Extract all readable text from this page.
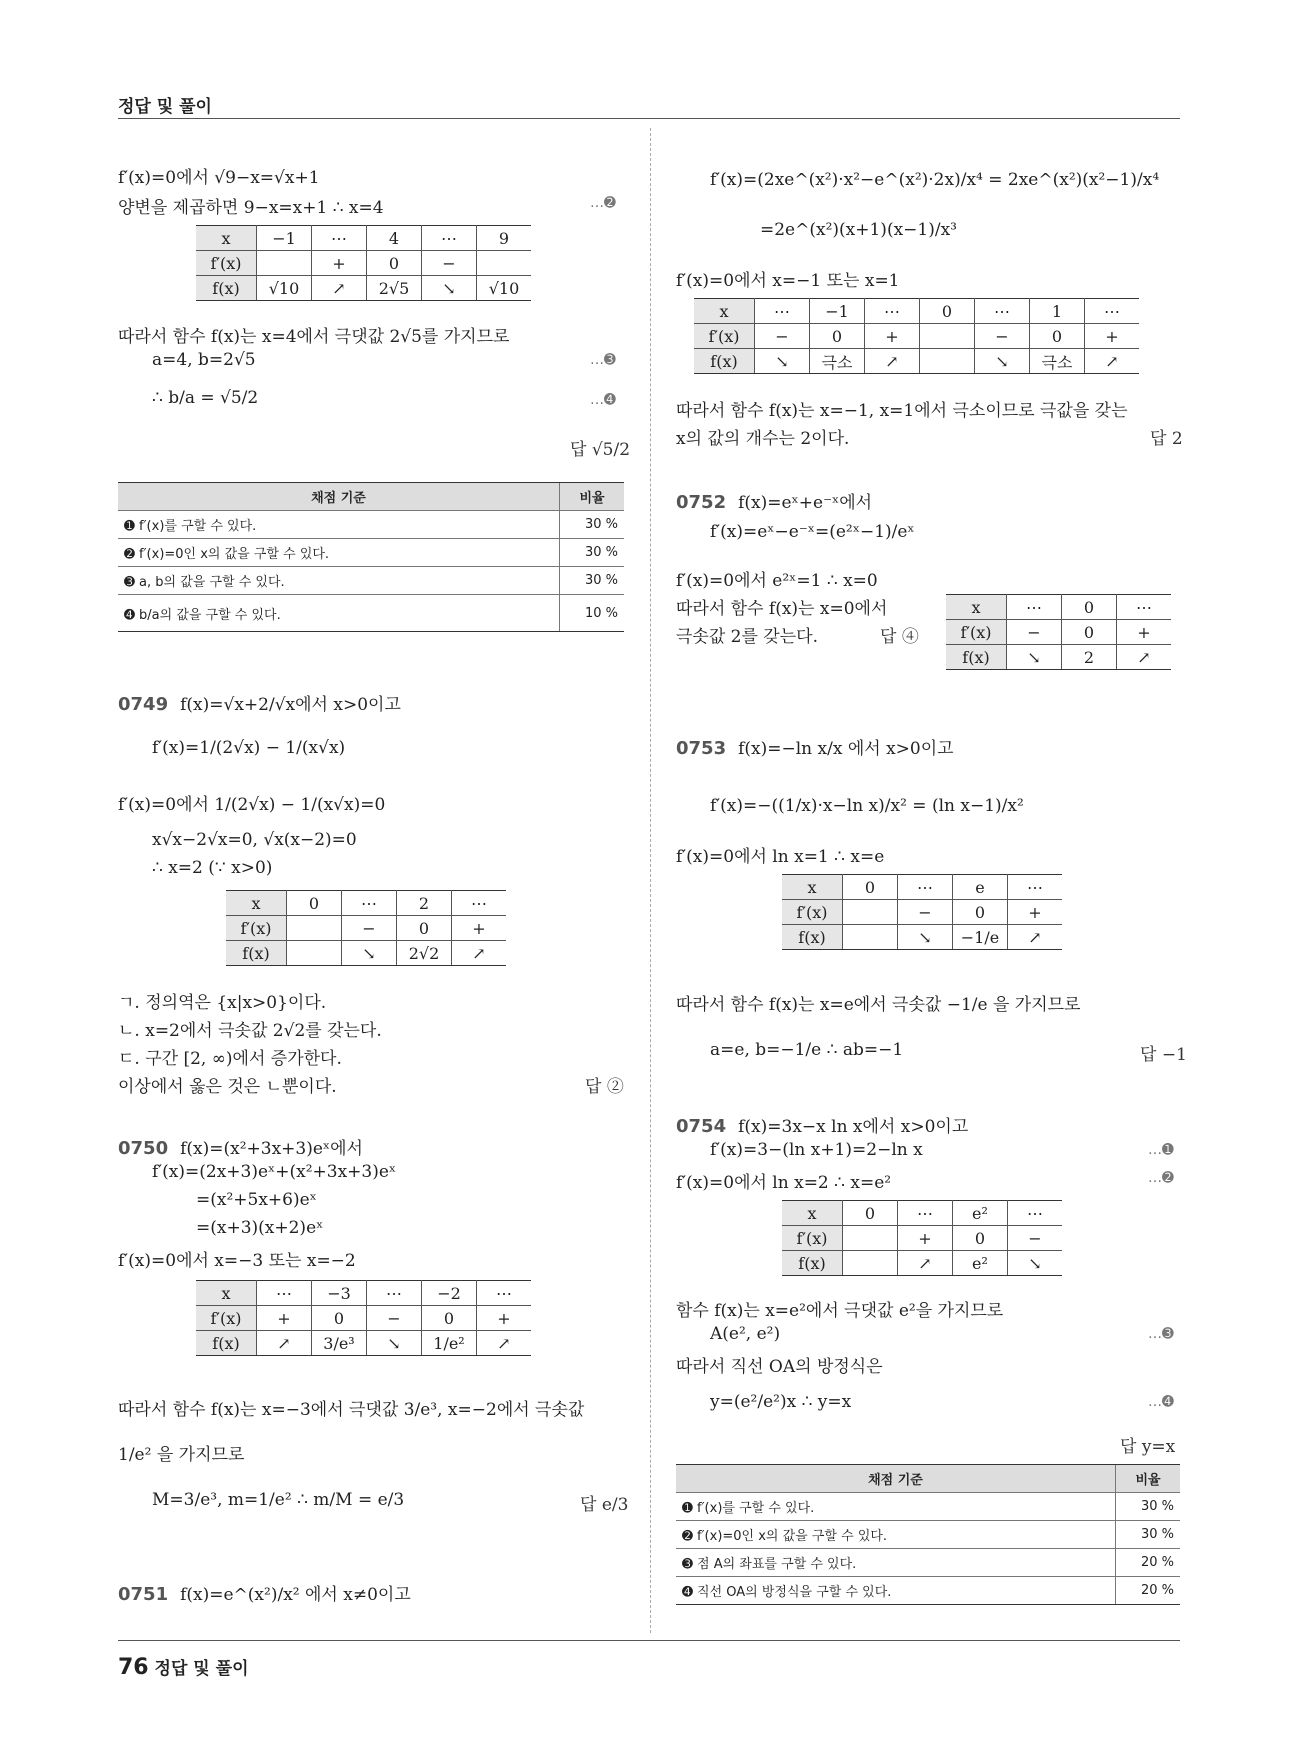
정답 및 풀이
f′(x)=0에서 √9−x=√x+1
양변을 제곱하면 9−x=x+1 ∴ x=4	…➋
x	−1	⋯	4	⋯	9
f′(x)		+	0	−	
f(x)	√10	↗	2√5	↘	√10
따라서 함수 f(x)는 x=4에서 극댓값 2√5를 가지므로
a=4, b=2√5	…➌
∴ b/a = √5/2	…➍
답 √5/2
채점 기준	비율
➊ f′(x)를 구할 수 있다.	30 %
➋ f′(x)=0인 x의 값을 구할 수 있다.	30 %
➌ a, b의 값을 구할 수 있다.	30 %
➍ b/a의 값을 구할 수 있다.	10 %
0749 f(x)=√x+2/√x에서 x>0이고
f′(x)=1/(2√x) − 1/(x√x)
f′(x)=0에서 1/(2√x) − 1/(x√x)=0
x√x−2√x=0, √x(x−2)=0
∴ x=2 (∵ x>0)
x	0	⋯	2	⋯
f′(x)		−	0	+
f(x)		↘	2√2	↗
ㄱ. 정의역은 {x|x>0}이다.
ㄴ. x=2에서 극솟값 2√2를 갖는다.
ㄷ. 구간 [2, ∞)에서 증가한다.
이상에서 옳은 것은 ㄴ뿐이다.	답 ②
0750 f(x)=(x²+3x+3)eˣ에서
f′(x)=(2x+3)eˣ+(x²+3x+3)eˣ
=(x²+5x+6)eˣ
=(x+3)(x+2)eˣ
f′(x)=0에서 x=−3 또는 x=−2
x	⋯	−3	⋯	−2	⋯
f′(x)	+	0	−	0	+
f(x)	↗	3/e³	↘	1/e²	↗
따라서 함수 f(x)는 x=−3에서 극댓값 3/e³, x=−2에서 극솟값
1/e² 을 가지므로
M=3/e³, m=1/e² ∴ m/M = e/3	답 e/3
0751 f(x)=e^(x²)/x² 에서 x≠0이고
f′(x)=(2xe^(x²)·x²−e^(x²)·2x)/x⁴ = 2xe^(x²)(x²−1)/x⁴
=2e^(x²)(x+1)(x−1)/x³
f′(x)=0에서 x=−1 또는 x=1
x	⋯	−1	⋯	0	⋯	1	⋯
f′(x)	−	0	+		−	0	+
f(x)	↘	극소	↗		↘	극소	↗
따라서 함수 f(x)는 x=−1, x=1에서 극소이므로 극값을 갖는
x의 값의 개수는 2이다.	답 2
0752 f(x)=eˣ+e⁻ˣ에서
f′(x)=eˣ−e⁻ˣ=(e²ˣ−1)/eˣ
f′(x)=0에서 e²ˣ=1 ∴ x=0
따라서 함수 f(x)는 x=0에서
극솟값 2를 갖는다.	답 ④
x	⋯	0	⋯
f′(x)	−	0	+
f(x)	↘	2	↗
0753 f(x)=−ln x/x 에서 x>0이고
f′(x)=−((1/x)·x−ln x)/x² = (ln x−1)/x²
f′(x)=0에서 ln x=1 ∴ x=e
x	0	⋯	e	⋯
f′(x)		−	0	+
f(x)		↘	−1/e	↗
따라서 함수 f(x)는 x=e에서 극솟값 −1/e 을 가지므로
a=e, b=−1/e ∴ ab=−1	답 −1
0754 f(x)=3x−x ln x에서 x>0이고
f′(x)=3−(ln x+1)=2−ln x	…➊
f′(x)=0에서 ln x=2 ∴ x=e²	…➋
x	0	⋯	e²	⋯
f′(x)		+	0	−
f(x)		↗	e²	↘
함수 f(x)는 x=e²에서 극댓값 e²을 가지므로
A(e², e²)	…➌
따라서 직선 OA의 방정식은
y=(e²/e²)x ∴ y=x	…➍
답 y=x
채점 기준	비율
➊ f′(x)를 구할 수 있다.	30 %
➋ f′(x)=0인 x의 값을 구할 수 있다.	30 %
➌ 점 A의 좌표를 구할 수 있다.	20 %
➍ 직선 OA의 방정식을 구할 수 있다.	20 %
76 정답 및 풀이
